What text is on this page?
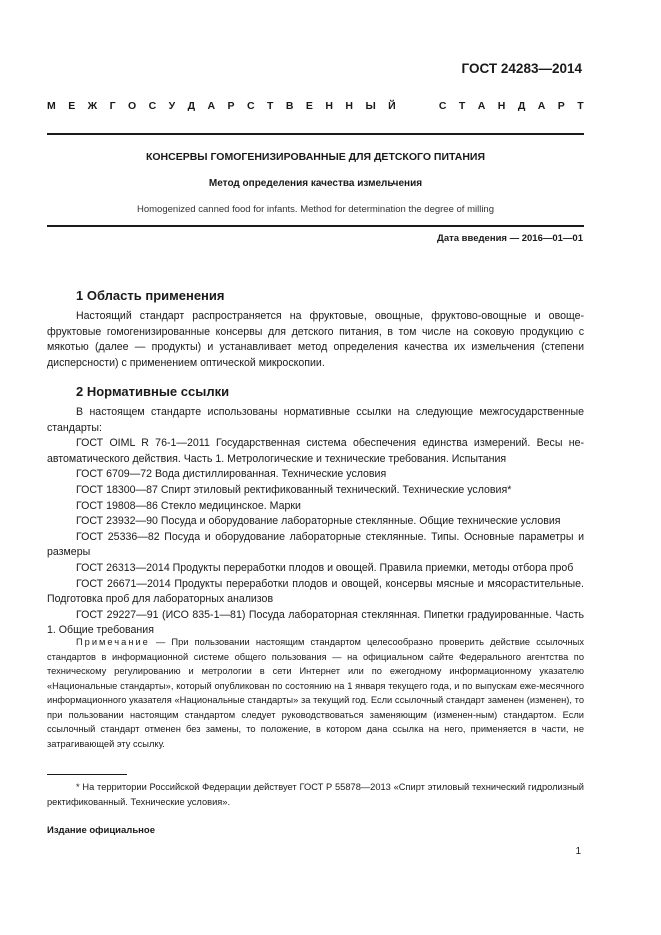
ГОСТ 24283—2014
М Е Ж Г О С У Д А Р С Т В Е Н Н Ы Й

	С Т А Н Д А Р Т
КОНСЕРВЫ ГОМОГЕНИЗИРОВАННЫЕ ДЛЯ ДЕТСКОГО ПИТАНИЯ
Метод определения качества измельчения
Homogenized canned food for infants. Method for determination the degree of milling
Дата введения — 2016—01—01
1 Область применения

Настоящий стандарт распространяется на фруктовые, овощные, фруктово-овощные и овоще-фруктовые гомогенизированные консервы для детского питания, в том числе на соковую продукцию с мякотью (далее — продукты) и устанавливает метод определения качества их измельчения (степени дисперсности) с применением оптической микроскопии.

2 Нормативные ссылки

В настоящем стандарте использованы нормативные ссылки на следующие межгосударственные стандарты:

ГОСТ OIML R 76-1—2011 Государственная система обеспечения единства измерений. Весы не-автоматического действия. Часть 1. Метрологические и технические требования. Испытания

ГОСТ 6709—72 Вода дистиллированная. Технические условия

ГОСТ 18300—87 Спирт этиловый ректификованный технический. Технические условия*

ГОСТ 19808—86 Стекло медицинское. Марки

ГОСТ 23932—90 Посуда и оборудование лабораторные стеклянные. Общие технические условия

ГОСТ 25336—82 Посуда и оборудование лабораторные стеклянные. Типы. Основные параметры и размеры

ГОСТ 26313—2014 Продукты переработки плодов и овощей. Правила приемки, методы отбора проб

ГОСТ 26671—2014 Продукты переработки плодов и овощей, консервы мясные и мясорастительные. Подготовка проб для лабораторных анализов

ГОСТ 29227—91 (ИСО 835-1—81) Посуда лабораторная стеклянная. Пипетки градуированные. Часть 1. Общие требования

Примечание — При пользовании настоящим стандартом целесообразно проверить действие ссылочных стандартов в информационной системе общего пользования — на официальном сайте Федерального агентства по техническому регулированию и метрологии в сети Интернет или по ежегодному информационному указателю «Национальные стандарты», который опубликован по состоянию на 1 января текущего года, и по выпускам еже-месячного информационного указателя «Национальные стандарты» за текущий год. Если ссылочный стандарт заменен (изменен), то при пользовании настоящим стандартом следует руководствоваться заменяющим (изменен-ным) стандартом. Если ссылочный стандарт отменен без замены, то положение, в котором дана ссылка на него, применяется в части, не затрагивающей эту ссылку.

* На территории Российской Федерации действует ГОСТ Р 55878—2013 «Спирт этиловый технический гидролизный ректификованный. Технические условия».

Издание официальное
1
